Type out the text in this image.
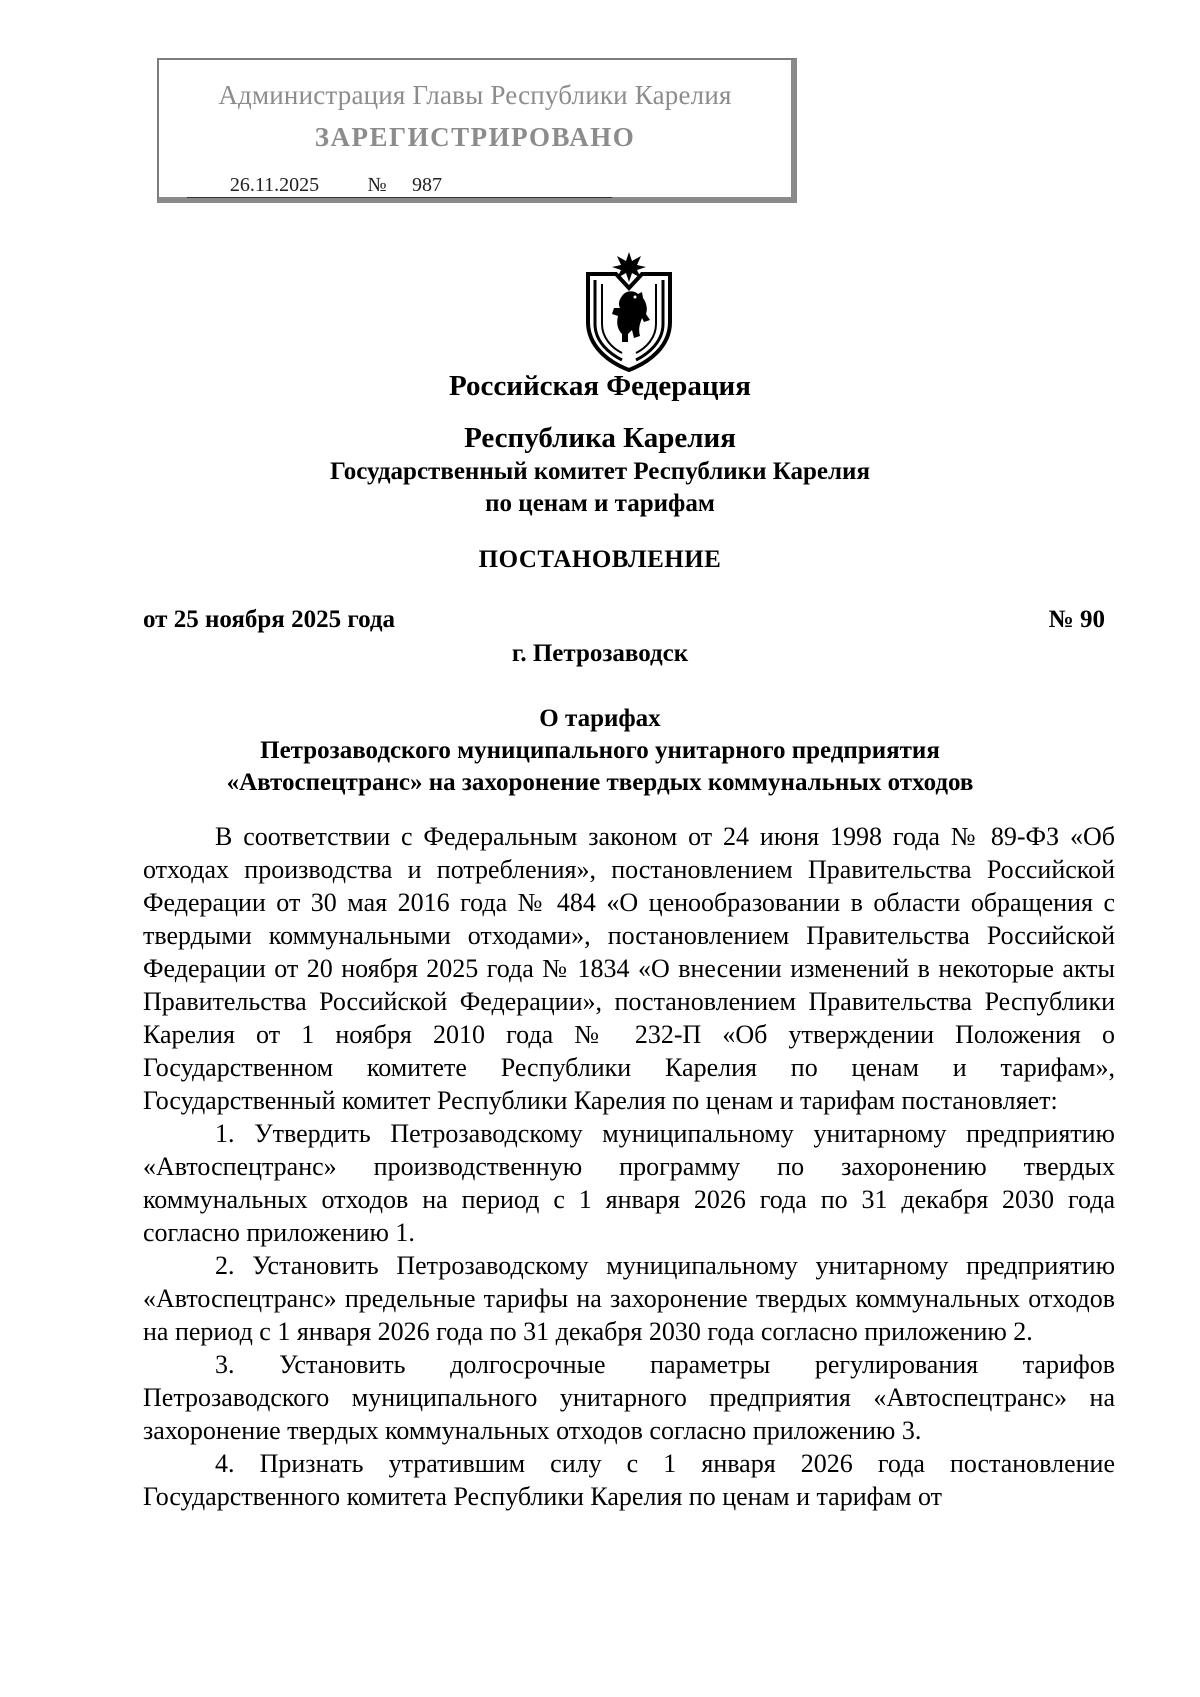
Администрация Главы Республики Карелия
ЗАРЕГИСТРИРОВАНО
26.11.2025	№	987
Российская Федерация
Республика Карелия
Государственный комитет Республики Карелия
по ценам и тарифам
ПОСТАНОВЛЕНИЕ
от 25 ноября 2025 года	№ 90
г. Петрозаводск
О тарифах
Петрозаводского муниципального унитарного предприятия
«Автоспецтранс» на захоронение твердых коммунальных отходов

В соответствии с Федеральным законом от 24 июня 1998 года № 89-ФЗ «Об отходах производства и потребления», постановлением Правительства Российской Федерации от 30 мая 2016 года № 484 «О ценообразовании в области обращения с твердыми коммунальными отходами», постановлением Правительства Российской Федерации от 20 ноября 2025 года № 1834 «О внесении изменений в некоторые акты Правительства Российской Федерации», постановлением Правительства Республики Карелия от 1 ноября 2010 года № 232-П «Об утверждении Положения о Государственном комитете Республики Карелия по ценам и тарифам», Государственный комитет Республики Карелия по ценам и тарифам постановляет:

1. Утвердить Петрозаводскому муниципальному унитарному предприятию «Автоспецтранс» производственную программу по захоронению твердых коммунальных отходов на период с 1 января 2026 года по 31 декабря 2030 года согласно приложению 1.

2. Установить Петрозаводскому муниципальному унитарному предприятию «Автоспецтранс» предельные тарифы на захоронение твердых коммунальных отходов на период с 1 января 2026 года по 31 декабря 2030 года согласно приложению 2.

3. Установить долгосрочные параметры регулирования тарифов Петрозаводского муниципального унитарного предприятия «Автоспецтранс» на захоронение твердых коммунальных отходов согласно приложению 3.

4. Признать утратившим силу с 1 января 2026 года постановление Государственного комитета Республики Карелия по ценам и тарифам от
